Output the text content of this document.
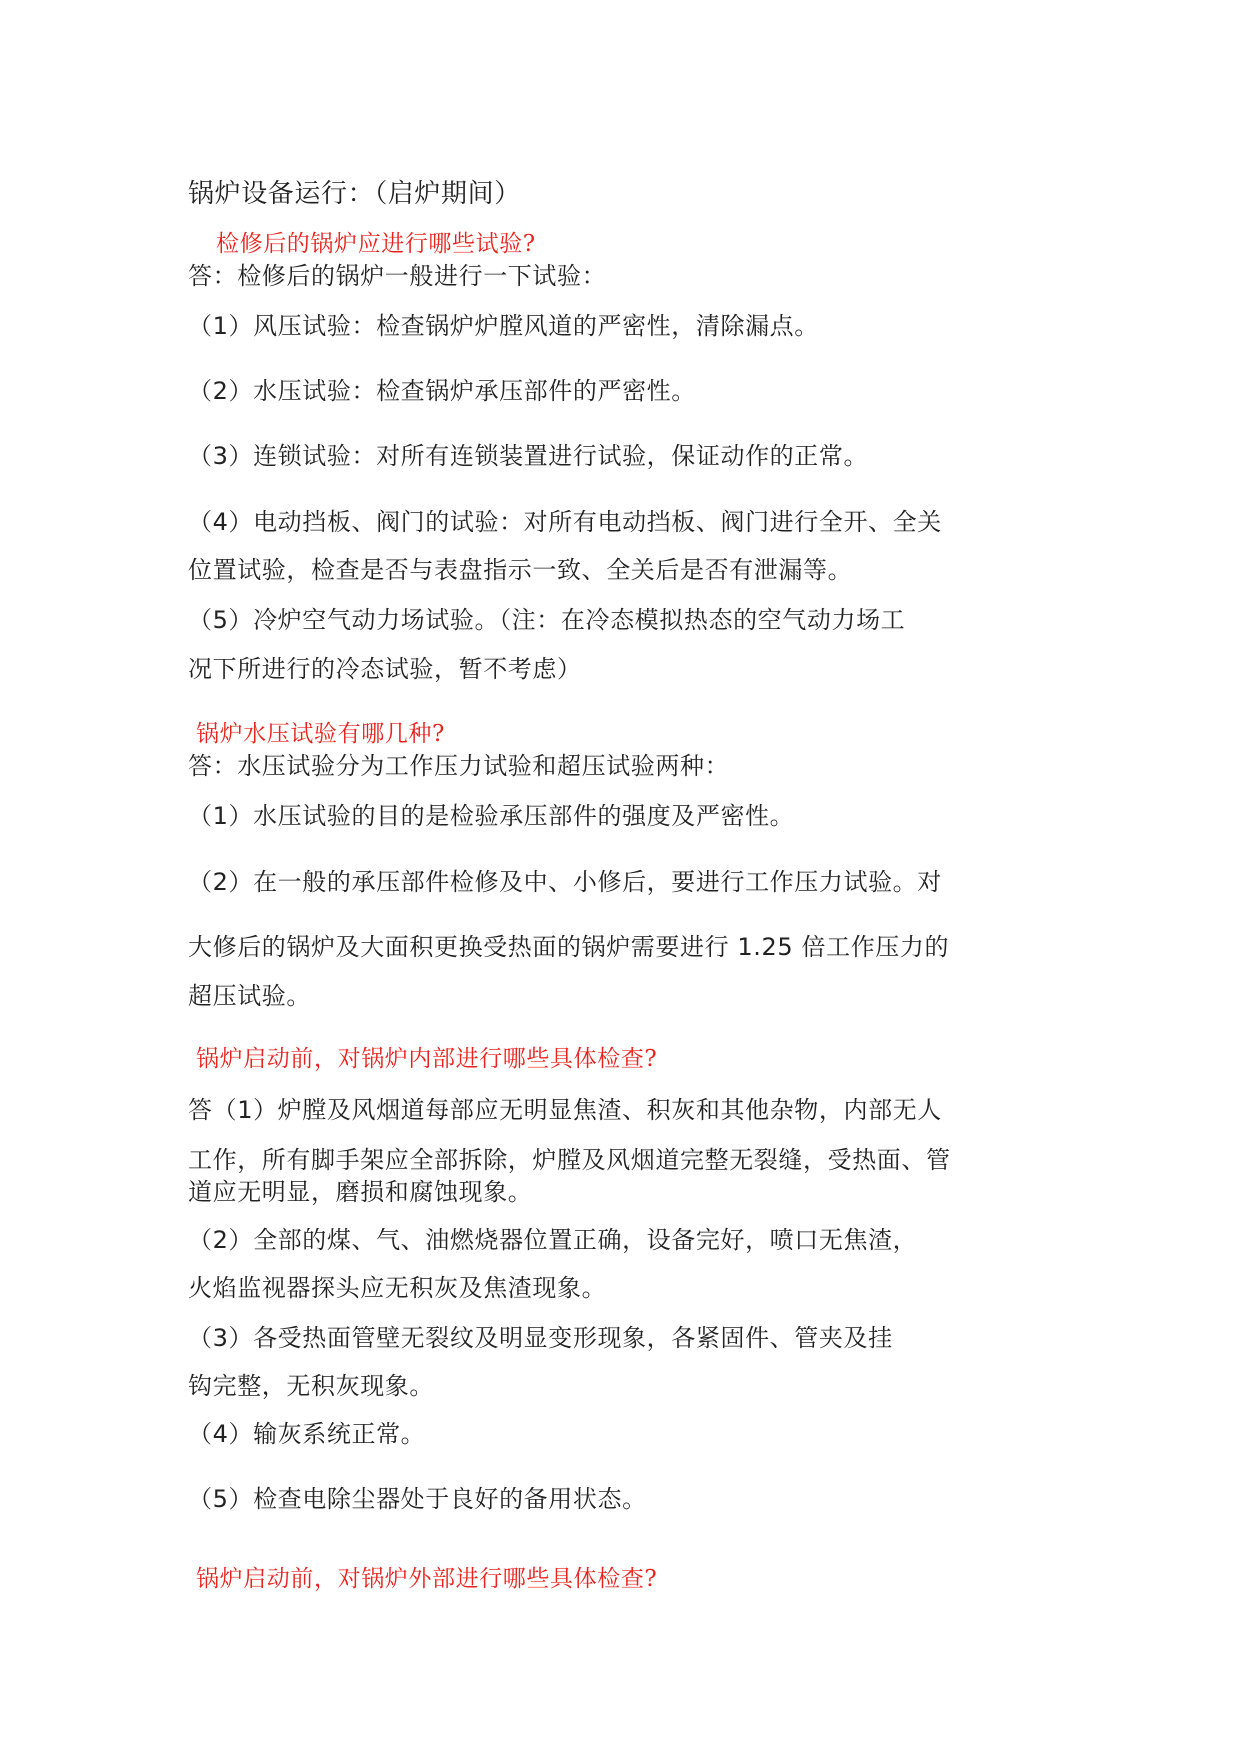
锅炉设备运行：（启炉期间）
检修后的锅炉应进行哪些试验?
答：检修后的锅炉一般进行一下试验：
（1）风压试验：检查锅炉炉膛风道的严密性，清除漏点。
（2）水压试验：检查锅炉承压部件的严密性。
（3）连锁试验：对所有连锁装置进行试验，保证动作的正常。
（4）电动挡板、阀门的试验：对所有电动挡板、阀门进行全开、全关
位置试验，检查是否与表盘指示一致、全关后是否有泄漏等。
（5）冷炉空气动力场试验。（注：在冷态模拟热态的空气动力场工
况下所进行的冷态试验，暂不考虑）
锅炉水压试验有哪几种?
答：水压试验分为工作压力试验和超压试验两种：
（1）水压试验的目的是检验承压部件的强度及严密性。
（2）在一般的承压部件检修及中、小修后，要进行工作压力试验。对
大修后的锅炉及大面积更换受热面的锅炉需要进行 1.25 倍工作压力的
超压试验。
锅炉启动前，对锅炉内部进行哪些具体检查?
答（1）炉膛及风烟道每部应无明显焦渣、积灰和其他杂物，内部无人
工作，所有脚手架应全部拆除，炉膛及风烟道完整无裂缝，受热面、管
道应无明显，磨损和腐蚀现象。
（2）全部的煤、气、油燃烧器位置正确，设备完好，喷口无焦渣，
火焰监视器探头应无积灰及焦渣现象。
（3）各受热面管壁无裂纹及明显变形现象，各紧固件、管夹及挂
钩完整，无积灰现象。
（4）输灰系统正常。
（5）检查电除尘器处于良好的备用状态。
锅炉启动前，对锅炉外部进行哪些具体检查?
